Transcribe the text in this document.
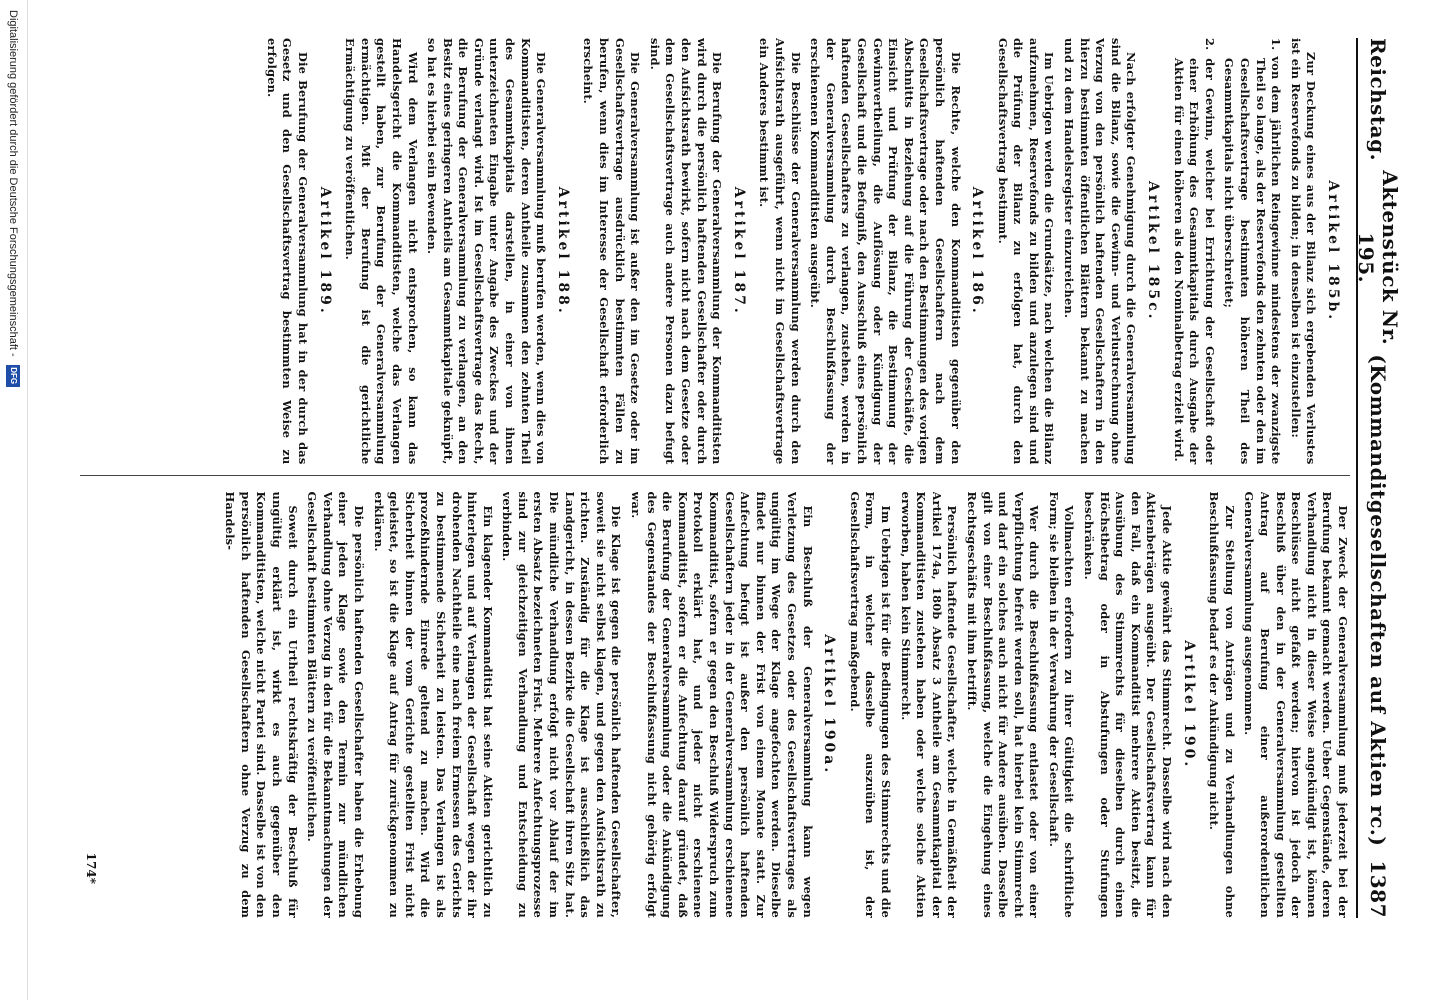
Reichstag.
Aktenstück Nr. 195.
(Kommanditgesellschaften auf Aktien rc.)
1387
Artikel 185b.
Zur Deckung eines aus der Bilanz sich ergebenden Verlustes ist ein Reservefonds zu bilden; in denselben ist einzustellen:
1. von dem jährlichen Reingewinne mindestens der zwanzigste Theil so lange, als der Reservefonds den zehnten oder den im Gesellschaftsvertrage bestimmten höheren Theil des Gesammtkapitals nicht überschreitet;
2. der Gewinn, welcher bei Errichtung der Gesellschaft oder einer Erhöhung des Gesammtkapitals durch Ausgabe der Aktien für einen höheren als den Nominalbetrag erzielt wird.
Artikel 185c.
Nach erfolgter Genehmigung durch die Generalversammlung sind die Bilanz, sowie die Gewinn- und Verlustrechnung ohne Verzug von den persönlich haftenden Gesellschaftern in den hierzu bestimmten öffentlichen Blättern bekannt zu machen und zu dem Handelsregister einzureichen.
Im Uebrigen werden die Grundsätze, nach welchen die Bilanz aufzunehmen, Reservefonds zu bilden und anzulegen sind und die Prüfung der Bilanz zu erfolgen hat, durch den Gesellschaftsvertrag bestimmt.
Artikel 186.
Die Rechte, welche den Kommanditisten gegenüber den persönlich haftenden Gesellschaftern nach dem Gesellschaftsvertrage oder nach den Bestimmungen des vorigen Abschnitts in Beziehung auf die Führung der Geschäfte, die Einsicht und Prüfung der Bilanz, die Bestimmung der Gewinnvertheilung, die Auflösung oder Kündigung der Gesellschaft und die Befugniß, den Ausschluß eines persönlich haftenden Gesellschafters zu verlangen, zustehen, werden in der Generalversammlung durch Beschlußfassung der erschienenen Kommanditisten ausgeübt.
Die Beschlüsse der Generalversammlung werden durch den Aufsichtsrath ausgeführt, wenn nicht im Gesellschaftsvertrage ein Anderes bestimmt ist.
Artikel 187.
Die Berufung der Generalversammlung der Kommanditisten wird durch die persönlich haftenden Gesellschafter oder durch den Aufsichtsrath bewirkt, sofern nicht nach dem Gesetze oder dem Gesellschaftsvertrage auch andere Personen dazu befugt sind.
Die Generalversammlung ist außer den im Gesetze oder im Gesellschaftsvertrage ausdrücklich bestimmten Fällen zu berufen, wenn dies im Interesse der Gesellschaft erforderlich erscheint.
Artikel 188.
Die Generalversammlung muß berufen werden, wenn dies von Kommanditisten, deren Antheile zusammen den zehnten Theil des Gesammtkapitals darstellen, in einer von ihnen unterzeichneten Eingabe unter Angabe des Zweckes und der Gründe verlangt wird. Ist im Gesellschaftsvertrage das Recht, die Berufung der Generalversammlung zu verlangen, an den Besitz eines geringeren Antheils am Gesammtkapitale geknüpft, so hat es hierbei sein Bewenden.
Wird dem Verlangen nicht entsprochen, so kann das Handelsgericht die Kommanditisten, welche das Verlangen gestellt haben, zur Berufung der Generalversammlung ermächtigen. Mit der Berufung ist die gerichtliche Ermächtigung zu veröffentlichen.
Artikel 189.
Die Berufung der Generalversammlung hat in der durch das Gesetz und den Gesellschaftsvertrag bestimmten Weise zu erfolgen.
Der Zweck der Generalversammlung muß jederzeit bei der Berufung bekannt gemacht werden. Ueber Gegenstände, deren Verhandlung nicht in dieser Weise angekündigt ist, können Beschlüsse nicht gefaßt werden; hiervon ist jedoch der Beschluß über den in der Generalversammlung gestellten Antrag auf Berufung einer außerordentlichen Generalversammlung ausgenommen.
Zur Stellung von Anträgen und zu Verhandlungen ohne Beschlußfassung bedarf es der Ankündigung nicht.
Artikel 190.
Jede Aktie gewährt das Stimmrecht. Dasselbe wird nach den Aktienbeträgen ausgeübt. Der Gesellschaftsvertrag kann für den Fall, daß ein Kommanditist mehrere Aktien besitzt, die Ausübung des Stimmrechts für dieselben durch einen Höchstbetrag oder in Abstufungen oder Stufungen beschränken.
Vollmachten erfordern zu ihrer Gültigkeit die schriftliche Form; sie bleiben in der Verwahrung der Gesellschaft.
Wer durch die Beschlußfassung entlastet oder von einer Verpflichtung befreit werden soll, hat hierbei kein Stimmrecht und darf ein solches auch nicht für Andere ausüben. Dasselbe gilt von einer Beschlußfassung, welche die Eingehung eines Rechtsgeschäfts mit ihm betrifft.
Persönlich haftende Gesellschafter, welche in Gemäßheit der Artikel 174a, 180b Absatz 3 Antheile am Gesammtkapital der Kommanditisten zustehen haben oder welche solche Aktien erworben, haben kein Stimmrecht.
Im Uebrigen ist für die Bedingungen des Stimmrechts und die Form, in welcher dasselbe auszuüben ist, der Gesellschaftsvertrag maßgebend.
Artikel 190a.
Ein Beschluß der Generalversammlung kann wegen Verletzung des Gesetzes oder des Gesellschaftsvertrages als ungültig im Wege der Klage angefochten werden. Dieselbe findet nur binnen der Frist von einem Monate statt. Zur Anfechtung befugt ist außer den persönlich haftenden Gesellschaftern jeder in der Generalversammlung erschienene Kommanditist, sofern er gegen den Beschluß Widerspruch zum Protokoll erklärt hat, und jeder nicht erschienene Kommanditist, sofern er die Anfechtung darauf gründet, daß die Berufung der Generalversammlung oder die Ankündigung des Gegenstandes der Beschlußfassung nicht gehörig erfolgt war.
Die Klage ist gegen die persönlich haftenden Gesellschafter, soweit sie nicht selbst klagen, und gegen den Aufsichtsrath zu richten. Zuständig für die Klage ist ausschließlich das Landgericht, in dessen Bezirke die Gesellschaft ihren Sitz hat. Die mündliche Verhandlung erfolgt nicht vor Ablauf der im ersten Absatz bezeichneten Frist. Mehrere Anfechtungsprozesse sind zur gleichzeitigen Verhandlung und Entscheidung zu verbinden.
Ein klagender Kommanditist hat seine Aktien gerichtlich zu hinterlegen und auf Verlangen der Gesellschaft wegen der ihr drohenden Nachtheile eine nach freiem Ermessen des Gerichts zu bestimmende Sicherheit zu leisten. Das Verlangen ist als prozeßhindernde Einrede geltend zu machen. Wird die Sicherheit binnen der vom Gerichte gestellten Frist nicht geleistet, so ist die Klage auf Antrag für zurückgenommen zu erklären.
Die persönlich haftenden Gesellschafter haben die Erhebung einer jeden Klage sowie den Termin zur mündlichen Verhandlung ohne Verzug in den für die Bekanntmachungen der Gesellschaft bestimmten Blättern zu veröffentlichen.
Soweit durch ein Urtheil rechtskräftig der Beschluß für ungültig erklärt ist, wirkt es auch gegenüber den Kommanditisten, welche nicht Partei sind. Dasselbe ist von den persönlich haftenden Gesellschaftern ohne Verzug zu dem Handels-
174*
Digitalisierung gefördert durch die Deutsche Forschungsgemeinschaft -
DFG
